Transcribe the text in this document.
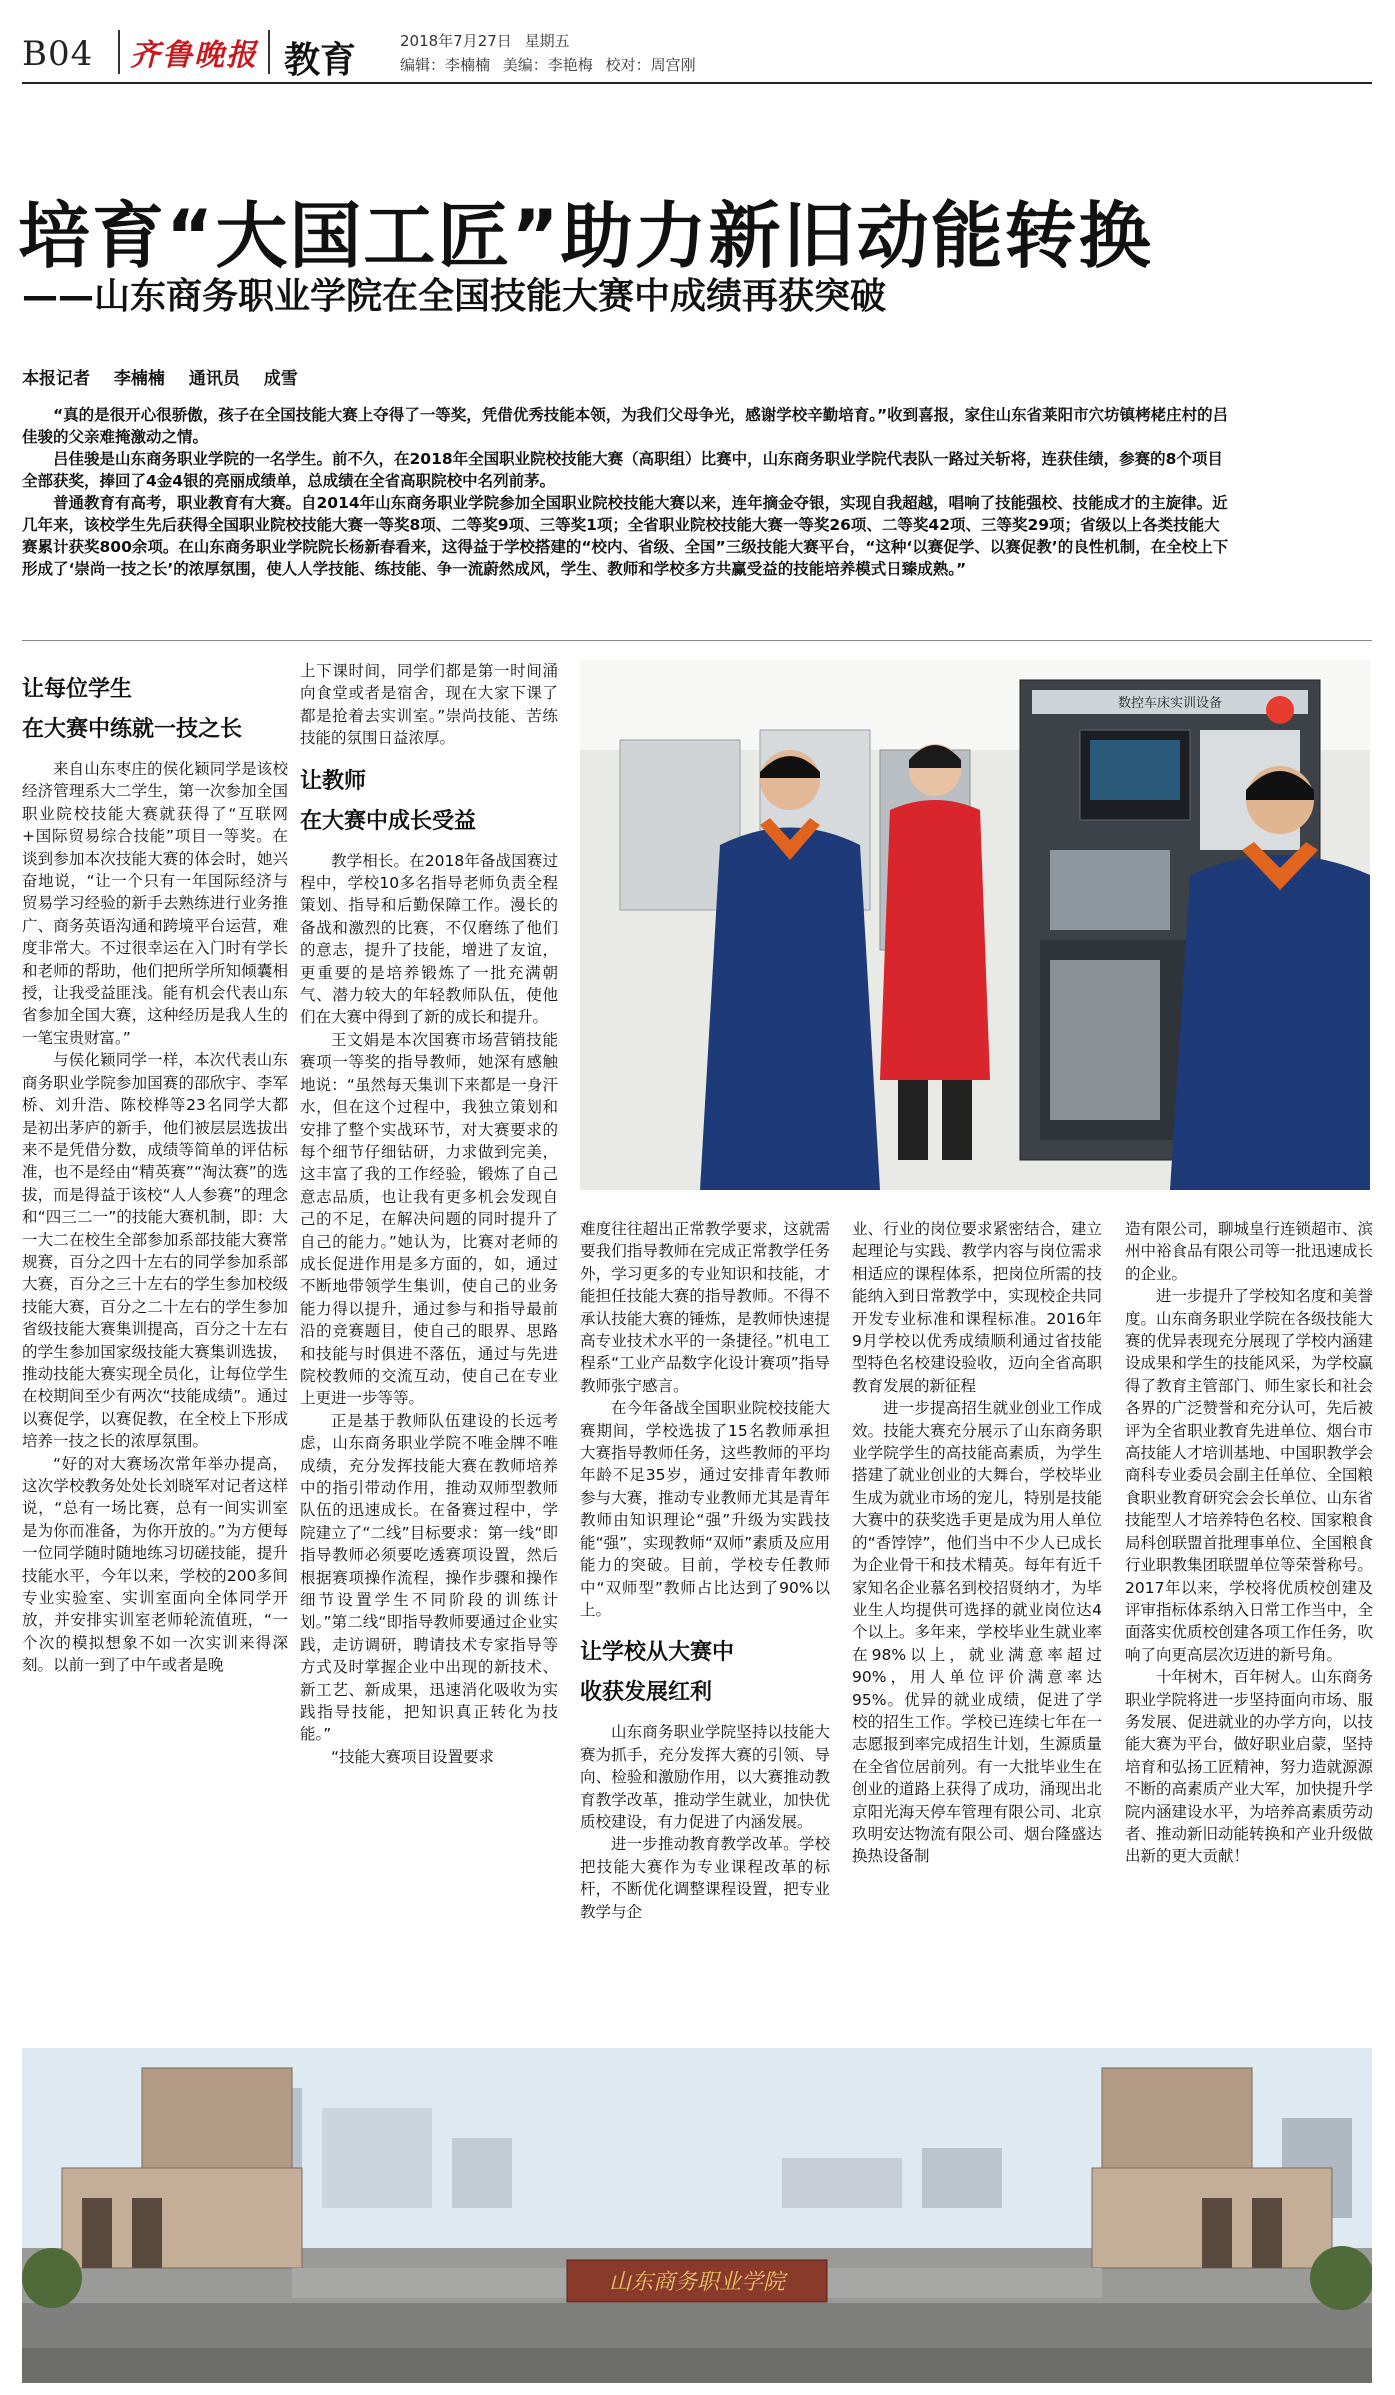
B04 齐鲁晚报 教育	2018年7月27日 星期五
编辑：李楠楠 美编：李艳梅 校对：周宫刚
培育“大国工匠”助力新旧动能转换
——山东商务职业学院在全国技能大赛中成绩再获突破
本报记者 李楠楠 通讯员 成雪

“真的是很开心很骄傲，孩子在全国技能大赛上夺得了一等奖，凭借优秀技能本领，为我们父母争光，感谢学校辛勤培育。”收到喜报，家住山东省莱阳市穴坊镇栲栳庄村的吕佳骏的父亲难掩激动之情。

吕佳骏是山东商务职业学院的一名学生。前不久，在2018年全国职业院校技能大赛（高职组）比赛中，山东商务职业学院代表队一路过关斩将，连获佳绩，参赛的8个项目全部获奖，捧回了4金4银的亮丽成绩单，总成绩在全省高职院校中名列前茅。

普通教育有高考，职业教育有大赛。自2014年山东商务职业学院参加全国职业院校技能大赛以来，连年摘金夺银，实现自我超越，唱响了技能强校、技能成才的主旋律。近几年来，该校学生先后获得全国职业院校技能大赛一等奖8项、二等奖9项、三等奖1项；全省职业院校技能大赛一等奖26项、二等奖42项、三等奖29项；省级以上各类技能大赛累计获奖800余项。在山东商务职业学院院长杨新春看来，这得益于学校搭建的“校内、省级、全国”三级技能大赛平台，“这种‘以赛促学、以赛促教’的良性机制，在全校上下形成了‘崇尚一技之长’的浓厚氛围，使人人学技能、练技能、争一流蔚然成风，学生、教师和学校多方共赢受益的技能培养模式日臻成熟。”

让每位学生
在大赛中练就一技之长

来自山东枣庄的侯化颖同学是该校经济管理系大二学生，第一次参加全国职业院校技能大赛就获得了“互联网+国际贸易综合技能”项目一等奖。在谈到参加本次技能大赛的体会时，她兴奋地说，“让一个只有一年国际经济与贸易学习经验的新手去熟练进行业务推广、商务英语沟通和跨境平台运营，难度非常大。不过很幸运在入门时有学长和老师的帮助，他们把所学所知倾囊相授，让我受益匪浅。能有机会代表山东省参加全国大赛，这种经历是我人生的一笔宝贵财富。”

与侯化颖同学一样，本次代表山东商务职业学院参加国赛的邵欣宇、李军桥、刘升浩、陈校桦等23名同学大都是初出茅庐的新手，他们被层层选拔出来不是凭借分数，成绩等简单的评估标准，也不是经由“精英赛”“淘汰赛”的选拔，而是得益于该校“人人参赛”的理念和“四三二一”的技能大赛机制，即：大一大二在校生全部参加系部技能大赛常规赛，百分之四十左右的同学参加系部大赛，百分之三十左右的学生参加校级技能大赛，百分之二十左右的学生参加省级技能大赛集训提高，百分之十左右的学生参加国家级技能大赛集训选拔，推动技能大赛实现全员化，让每位学生在校期间至少有两次“技能成绩”。通过以赛促学，以赛促教，在全校上下形成培养一技之长的浓厚氛围。

“好的对大赛场次常年举办提高，这次学校教务处处长刘晓军对记者这样说，“总有一场比赛，总有一间实训室是为你而准备，为你开放的。”为方便每一位同学随时随地练习切磋技能，提升技能水平，今年以来，学校的200多间专业实验室、实训室面向全体同学开放，并安排实训室老师轮流值班，“一个次的模拟想象不如一次实训来得深刻。以前一到了中午或者是晚

上下课时间，同学们都是第一时间涌向食堂或者是宿舍，现在大家下课了都是抢着去实训室。”崇尚技能、苦练技能的氛围日益浓厚。

让教师
在大赛中成长受益

教学相长。在2018年备战国赛过程中，学校10多名指导老师负责全程策划、指导和后勤保障工作。漫长的备战和激烈的比赛，不仅磨练了他们的意志，提升了技能，增进了友谊，更重要的是培养锻炼了一批充满朝气、潜力较大的年轻教师队伍，使他们在大赛中得到了新的成长和提升。

王文娟是本次国赛市场营销技能赛项一等奖的指导教师，她深有感触地说：“虽然每天集训下来都是一身汗水，但在这个过程中，我独立策划和安排了整个实战环节，对大赛要求的每个细节仔细钻研，力求做到完美，这丰富了我的工作经验，锻炼了自己意志品质，也让我有更多机会发现自己的不足，在解决问题的同时提升了自己的能力。”她认为，比赛对老师的成长促进作用是多方面的，如，通过不断地带领学生集训，使自己的业务能力得以提升，通过参与和指导最前沿的竞赛题目，使自己的眼界、思路和技能与时俱进不落伍，通过与先进院校教师的交流互动，使自己在专业上更进一步等等。

正是基于教师队伍建设的长远考虑，山东商务职业学院不唯金牌不唯成绩，充分发挥技能大赛在教师培养中的指引带动作用，推动双师型教师队伍的迅速成长。在备赛过程中，学院建立了“二线”目标要求：第一线“即指导教师必须要吃透赛项设置，然后根据赛项操作流程，操作步骤和操作细节设置学生不同阶段的训练计划。”第二线“即指导教师要通过企业实践，走访调研，聘请技术专家指导等方式及时掌握企业中出现的新技术、新工艺、新成果，迅速消化吸收为实践指导技能，把知识真正转化为技能。”

“技能大赛项目设置要求

数控车床实训设备

难度往往超出正常教学要求，这就需要我们指导教师在完成正常教学任务外，学习更多的专业知识和技能，才能担任技能大赛的指导教师。不得不承认技能大赛的锤炼，是教师快速提高专业技术水平的一条捷径。”机电工程系“工业产品数字化设计赛项”指导教师张宁感言。

在今年备战全国职业院校技能大赛期间，学校选拔了15名教师承担大赛指导教师任务，这些教师的平均年龄不足35岁，通过安排青年教师参与大赛，推动专业教师尤其是青年教师由知识理论“强”升级为实践技能“强”，实现教师“双师”素质及应用能力的突破。目前，学校专任教师中“双师型”教师占比达到了90%以上。

让学校从大赛中
收获发展红利

山东商务职业学院坚持以技能大赛为抓手，充分发挥大赛的引领、导向、检验和激励作用，以大赛推动教育教学改革，推动学生就业，加快优质校建设，有力促进了内涵发展。

进一步推动教育教学改革。学校把技能大赛作为专业课程改革的标杆，不断优化调整课程设置，把专业教学与企

业、行业的岗位要求紧密结合，建立起理论与实践、教学内容与岗位需求相适应的课程体系，把岗位所需的技能纳入到日常教学中，实现校企共同开发专业标准和课程标准。2016年9月学校以优秀成绩顺利通过省技能型特色名校建设验收，迈向全省高职教育发展的新征程

进一步提高招生就业创业工作成效。技能大赛充分展示了山东商务职业学院学生的高技能高素质，为学生搭建了就业创业的大舞台，学校毕业生成为就业市场的宠儿，特别是技能大赛中的获奖选手更是成为用人单位的“香饽饽”，他们当中不少人已成长为企业骨干和技术精英。每年有近千家知名企业慕名到校招贤纳才，为毕业生人均提供可选择的就业岗位达4个以上。多年来，学校毕业生就业率在98%以上，就业满意率超过90%，用人单位评价满意率达95%。优异的就业成绩，促进了学校的招生工作。学校已连续七年在一志愿报到率完成招生计划，生源质量在全省位居前列。有一大批毕业生在创业的道路上获得了成功，涌现出北京阳光海天停车管理有限公司、北京玖明安达物流有限公司、烟台隆盛达换热设备制

造有限公司，聊城皇行连锁超市、滨州中裕食品有限公司等一批迅速成长的企业。

进一步提升了学校知名度和美誉度。山东商务职业学院在各级技能大赛的优异表现充分展现了学校内涵建设成果和学生的技能风采，为学校赢得了教育主管部门、师生家长和社会各界的广泛赞誉和充分认可，先后被评为全省职业教育先进单位、烟台市高技能人才培训基地、中国职教学会商科专业委员会副主任单位、全国粮食职业教育研究会会长单位、山东省技能型人才培养特色名校、国家粮食局科创联盟首批理事单位、全国粮食行业职教集团联盟单位等荣誉称号。2017年以来，学校将优质校创建及评审指标体系纳入日常工作当中，全面落实优质校创建各项工作任务，吹响了向更高层次迈进的新号角。

十年树木，百年树人。山东商务职业学院将进一步坚持面向市场、服务发展、促进就业的办学方向，以技能大赛为平台，做好职业启蒙，坚持培育和弘扬工匠精神，努力造就源源不断的高素质产业大军，加快提升学院内涵建设水平，为培养高素质劳动者、推动新旧动能转换和产业升级做出新的更大贡献！

山东商务职业学院
